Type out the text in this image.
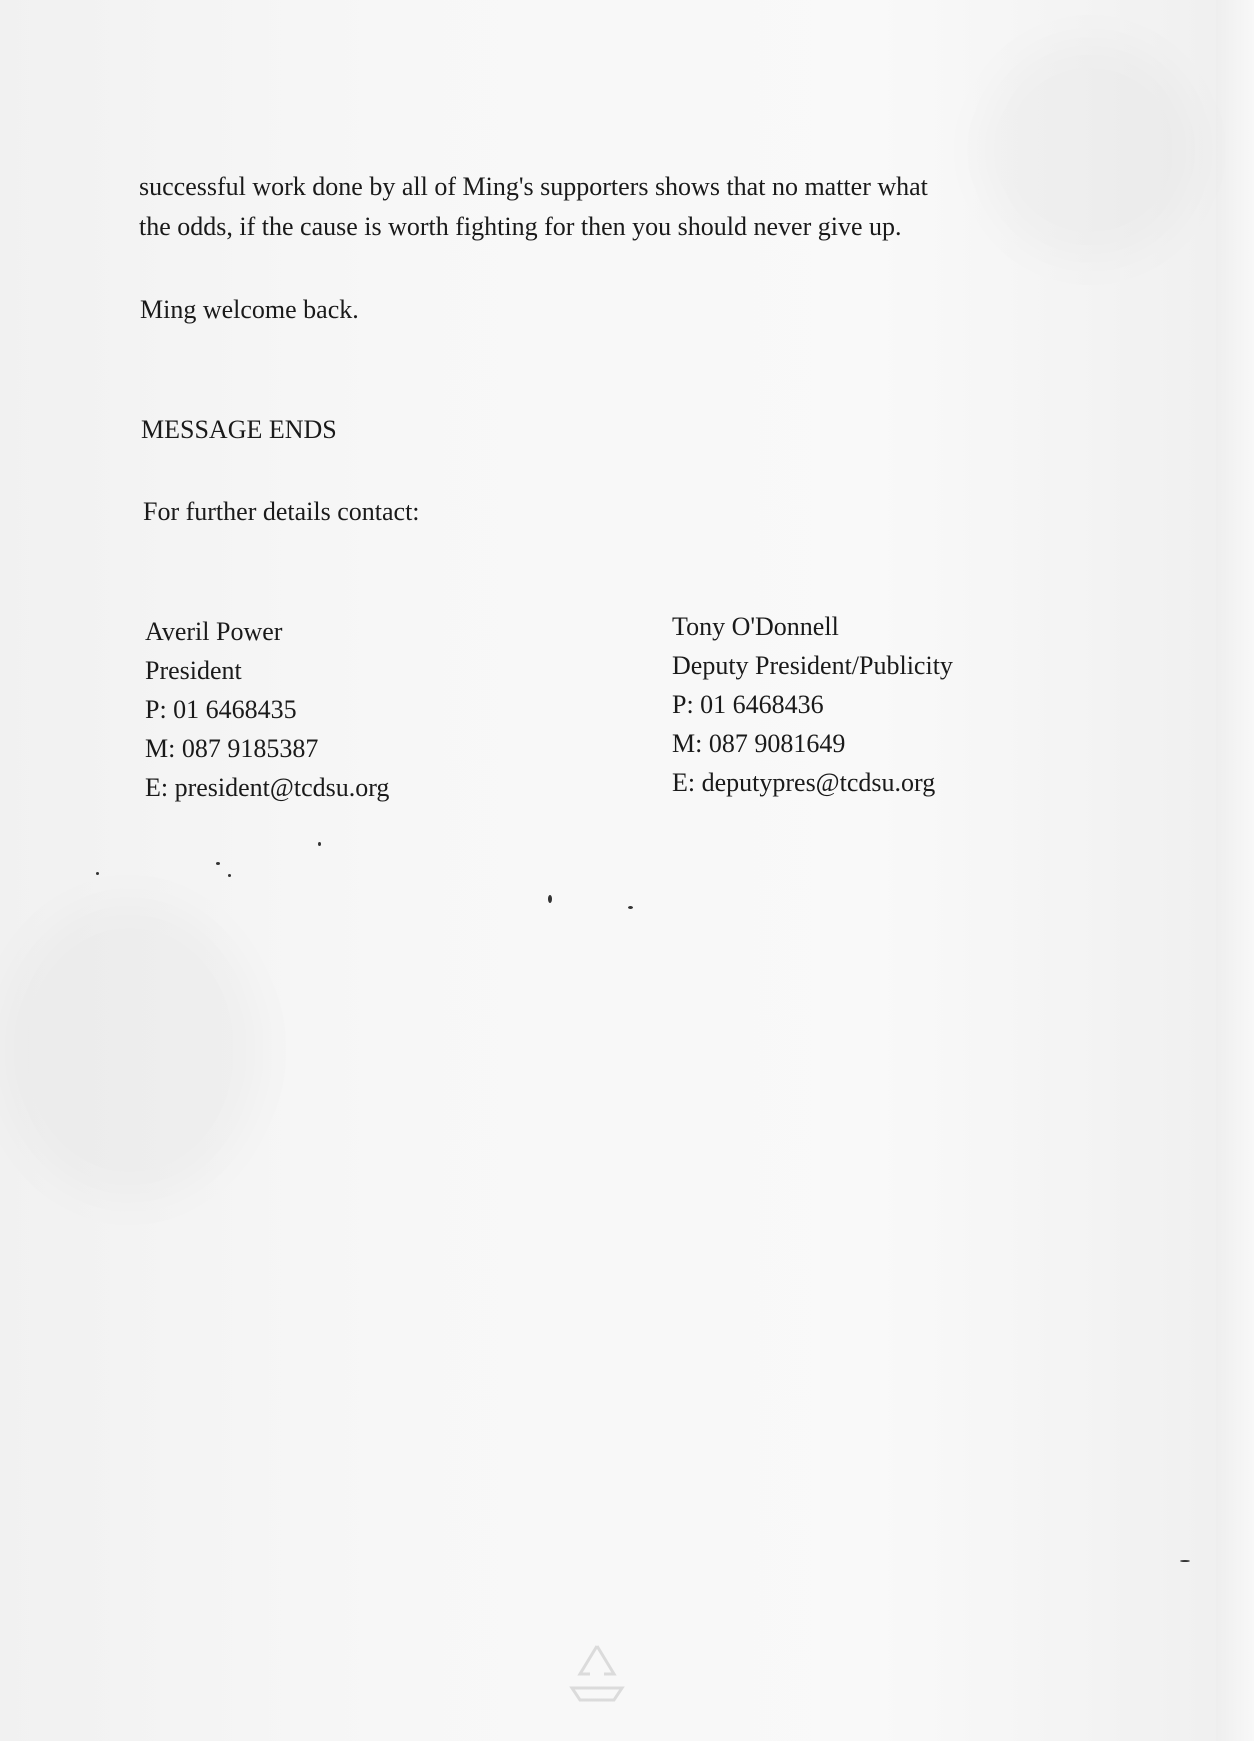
successful work done by all of Ming's supporters shows that no matter what
the odds, if the cause is worth fighting for then you should never give up.
Ming welcome back.
MESSAGE ENDS
For further details contact:
Averil Power
President
P: 01 6468435
M: 087 9185387
E: president@tcdsu.org
Tony O'Donnell
Deputy President/Publicity
P: 01 6468436
M: 087 9081649
E: deputypres@tcdsu.org
